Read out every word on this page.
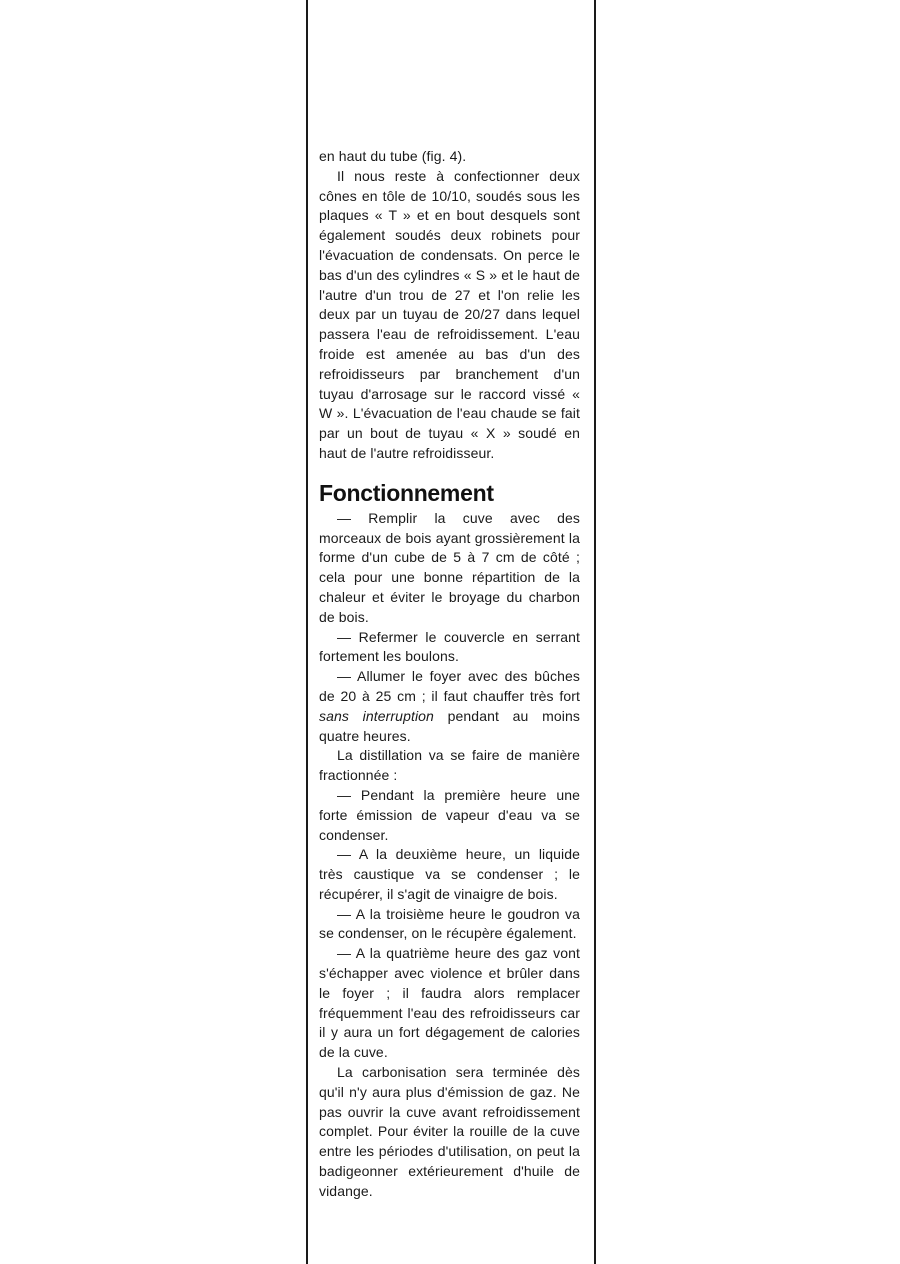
en haut du tube (fig. 4).

Il nous reste à confectionner deux cônes en tôle de 10/10, soudés sous les plaques « T » et en bout desquels sont également soudés deux robinets pour l'évacuation de condensats. On perce le bas d'un des cylindres « S » et le haut de l'autre d'un trou de 27 et l'on relie les deux par un tuyau de 20/27 dans lequel passera l'eau de refroidissement. L'eau froide est amenée au bas d'un des refroidisseurs par branchement d'un tuyau d'arrosage sur le raccord vissé « W ». L'évacuation de l'eau chaude se fait par un bout de tuyau « X » soudé en haut de l'autre refroidisseur.

Fonctionnement

— Remplir la cuve avec des morceaux de bois ayant grossièrement la forme d'un cube de 5 à 7 cm de côté ; cela pour une bonne répartition de la chaleur et éviter le broyage du charbon de bois.

— Refermer le couvercle en serrant fortement les boulons.

— Allumer le foyer avec des bûches de 20 à 25 cm ; il faut chauffer très fort sans interruption pendant au moins quatre heures.

La distillation va se faire de manière fractionnée :

— Pendant la première heure une forte émission de vapeur d'eau va se condenser.

— A la deuxième heure, un liquide très caustique va se condenser ; le récupérer, il s'agit de vinaigre de bois.

— A la troisième heure le goudron va se condenser, on le récupère également.

— A la quatrième heure des gaz vont s'échapper avec violence et brûler dans le foyer ; il faudra alors remplacer fréquemment l'eau des refroidisseurs car il y aura un fort dégagement de calories de la cuve.

La carbonisation sera terminée dès qu'il n'y aura plus d'émission de gaz. Ne pas ouvrir la cuve avant refroidissement complet. Pour éviter la rouille de la cuve entre les périodes d'utilisation, on peut la badigeonner extérieurement d'huile de vidange.
